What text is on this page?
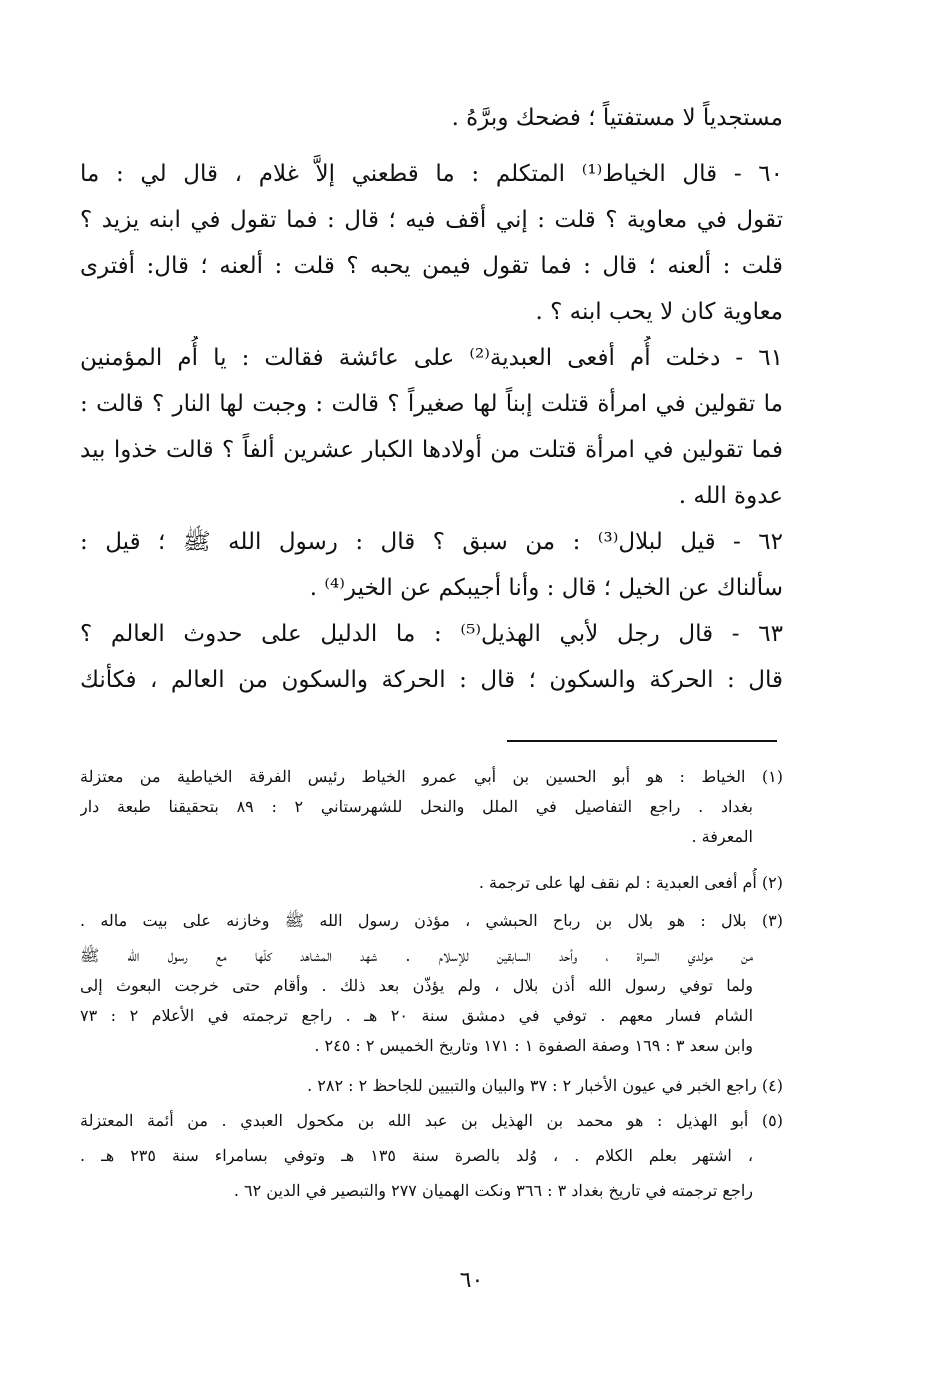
مستجدياً لا مستفتياً ؛ فضحك وبرَّهُ .
٦٠ - قال الخياط⁽¹⁾ المتكلم : ما قطعني إلاَّ غلام ، قال لي : ما
تقول في معاوية ؟ قلت : إني أقف فيه ؛ قال : فما تقول في ابنه يزيد ؟
قلت : ألعنه ؛ قال : فما تقول فيمن يحبه ؟ قلت : ألعنه ؛ قال: أفترى
معاوية كان لا يحب ابنه ؟ .
٦١ - دخلت أُم أفعى العبدية⁽²⁾ على عائشة فقالت : يا أُم المؤمنين
ما تقولين في امرأة قتلت إبناً لها صغيراً ؟ قالت : وجبت لها النار ؟ قالت :
فما تقولين في امرأة قتلت من أولادها الكبار عشرين ألفاً ؟ قالت خذوا بيد
عدوة الله .
٦٢ - قيل لبلال⁽³⁾ : من سبق ؟ قال : رسول الله ﷺ ؛ قيل :
سألناك عن الخيل ؛ قال : وأنا أجيبكم عن الخير⁽⁴⁾ .
٦٣ - قال رجل لأبي الهذيل⁽⁵⁾ : ما الدليل على حدوث العالم ؟
قال : الحركة والسكون ؛ قال : الحركة والسكون من العالم ، فكأنك
(١) الخياط : هو أبو الحسين بن أبي عمرو الخياط رئيس الفرقة الخياطية من معتزلة
بغداد . راجع التفاصيل في الملل والنحل للشهرستاني ٢ : ٨٩ بتحقيقنا طبعة دار
المعرفة .
(٢) أُم أفعى العبدية : لم نقف لها على ترجمة .
(٣) بلال : هو بلال بن رباح الحبشي ، مؤذن رسول الله ﷺ وخازنه على بيت ماله .
من مولدي السراة ، وأحد السابقين للإسلام . شهد المشاهد كلّها مع رسول الله ﷺ
ولما توفي رسول الله أذن بلال ، ولم يؤذّن بعد ذلك . وأقام حتى خرجت البعوث إلى
الشام فسار معهم . توفي في دمشق سنة ٢٠ هـ . راجع ترجمته في الأعلام ٢ : ٧٣
وابن سعد ٣ : ١٦٩ وصفة الصفوة ١ : ١٧١ وتاريخ الخميس ٢ : ٢٤٥ .
(٤) راجع الخبر في عيون الأخبار ٢ : ٣٧ والبيان والتبيين للجاحظ ٢ : ٢٨٢ .
(٥) أبو الهذيل : هو محمد بن الهذيل بن عبد الله بن مكحول العبدي . من أئمة المعتزلة
، اشتهر بعلم الكلام . ، وُلد بالصرة سنة ١٣٥ هـ وتوفي بسامراء سنة ٢٣٥ هـ .
راجع ترجمته في تاريخ بغداد ٣ : ٣٦٦ ونكت الهميان ٢٧٧ والتبصير في الدين ٦٢ .
٦٠
